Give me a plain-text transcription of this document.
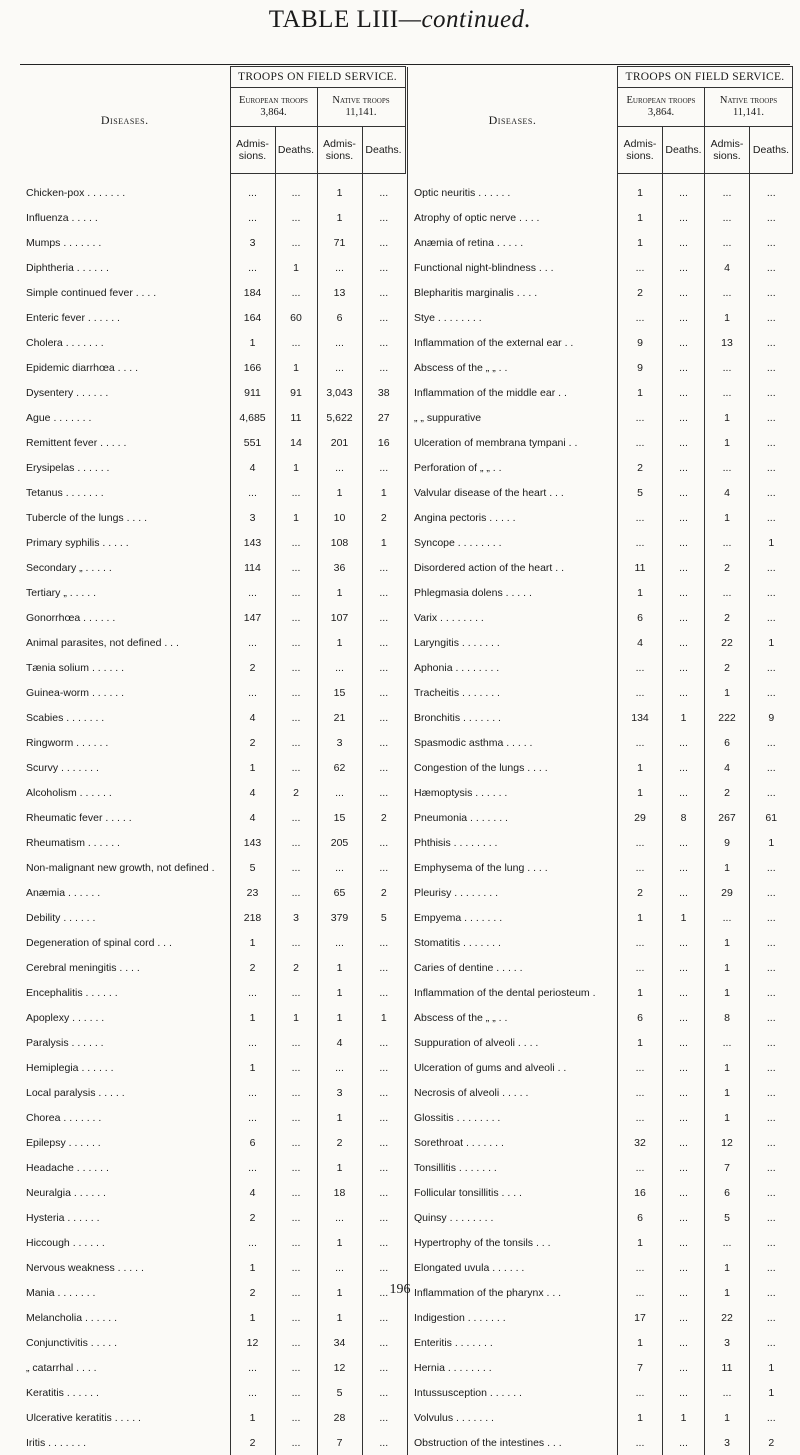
TABLE LIII—continued.
Diseases.	TROOPS ON FIELD SERVICE.			
	European troops 3,864.		Native troops 11,141.	
	Admis-sions.	Deaths.	Admis-sions.	Deaths.

Chicken-pox . . . . . . .	...	...	1	...
Influenza . . . . .	...	...	1	...
Mumps . . . . . . .	3	...	71	...
Diphtheria . . . . . .	...	1	...	...
Simple continued fever . . . .	184	...	13	...
Enteric fever . . . . . .	164	60	6	...
Cholera . . . . . . .	1	...	...	...
Epidemic diarrhœa . . . .	166	1	...	...
Dysentery . . . . . .	911	91	3,043	38
Ague . . . . . . .	4,685	11	5,622	27
Remittent fever . . . . .	551	14	201	16
Erysipelas . . . . . .	4	1	...	...
Tetanus . . . . . . .	...	...	1	1
Tubercle of the lungs . . . .	3	1	10	2
Primary syphilis . . . . .	143	...	108	1
Secondary „ . . . . .	114	...	36	...
Tertiary „ . . . . .	...	...	1	...
Gonorrhœa . . . . . .	147	...	107	...
Animal parasites, not defined . . .	...	...	1	...
Tænia solium . . . . . .	2	...	...	...
Guinea-worm . . . . . .	...	...	15	...
Scabies . . . . . . .	4	...	21	...
Ringworm . . . . . .	2	...	3	...
Scurvy . . . . . . .	1	...	62	...
Alcoholism . . . . . .	4	2	...	...
Rheumatic fever . . . . .	4	...	15	2
Rheumatism . . . . . .	143	...	205	...
Non-malignant new growth, not defined .	5	...	...	...
Anæmia . . . . . .	23	...	65	2
Debility . . . . . .	218	3	379	5
Degeneration of spinal cord . . .	1	...	...	...
Cerebral meningitis . . . .	2	2	1	...
Encephalitis . . . . . .	...	...	1	...
Apoplexy . . . . . .	1	1	1	1
Paralysis . . . . . .	...	...	4	...
Hemiplegia . . . . . .	1	...	...	...
Local paralysis . . . . .	...	...	3	...
Chorea . . . . . . .	...	...	1	...
Epilepsy . . . . . .	6	...	2	...
Headache . . . . . .	...	...	1	...
Neuralgia . . . . . .	4	...	18	...
Hysteria . . . . . .	2	...	...	...
Hiccough . . . . . .	...	...	1	...
Nervous weakness . . . . .	1	...	...	...
Mania . . . . . . .	2	...	1	...
Melancholia . . . . . .	1	...	1	...
Conjunctivitis . . . . .	12	...	34	...
„ catarrhal . . . .	...	...	12	...
Keratitis . . . . . .	...	...	5	...
Ulcerative keratitis . . . . .	1	...	28	...
Iritis . . . . . . .	2	...	7	...
Diseases.	TROOPS ON FIELD SERVICE.			
	European troops 3,864.		Native troops 11,141.	
	Admis-sions.	Deaths.	Admis-sions.	Deaths.

Optic neuritis . . . . . .	1	...	...	...
Atrophy of optic nerve . . . .	1	...	...	...
Anæmia of retina . . . . .	1	...	...	...
Functional night-blindness . . .	...	...	4	...
Blepharitis marginalis . . . .	2	...	...	...
Stye . . . . . . . .	...	...	1	...
Inflammation of the external ear . .	9	...	13	...
Abscess of the „ „ . .	9	...	...	...
Inflammation of the middle ear . .	1	...	...	...
„ „ suppurative	...	...	1	...
Ulceration of membrana tympani . .	...	...	1	...
Perforation of „ „ . .	2	...	...	...
Valvular disease of the heart . . .	5	...	4	...
Angina pectoris . . . . .	...	...	1	...
Syncope . . . . . . . .	...	...	...	1
Disordered action of the heart . .	11	...	2	...
Phlegmasia dolens . . . . .	1	...	...	...
Varix . . . . . . . .	6	...	2	...
Laryngitis . . . . . . .	4	...	22	1
Aphonia . . . . . . . .	...	...	2	...
Tracheitis . . . . . . .	...	...	1	...
Bronchitis . . . . . . .	134	1	222	9
Spasmodic asthma . . . . .	...	...	6	...
Congestion of the lungs . . . .	1	...	4	...
Hæmoptysis . . . . . .	1	...	2	...
Pneumonia . . . . . . .	29	8	267	61
Phthisis . . . . . . . .	...	...	9	1
Emphysema of the lung . . . .	...	...	1	...
Pleurisy . . . . . . . .	2	...	29	...
Empyema . . . . . . .	1	1	...	...
Stomatitis . . . . . . .	...	...	1	...
Caries of dentine . . . . .	...	...	1	...
Inflammation of the dental periosteum .	1	...	1	...
Abscess of the „ „ . .	6	...	8	...
Suppuration of alveoli . . . .	1	...	...	...
Ulceration of gums and alveoli . .	...	...	1	...
Necrosis of alveoli . . . . .	...	...	1	...
Glossitis . . . . . . . .	...	...	1	...
Sorethroat . . . . . . .	32	...	12	...
Tonsillitis . . . . . . .	...	...	7	...
Follicular tonsillitis . . . .	16	...	6	...
Quinsy . . . . . . . .	6	...	5	...
Hypertrophy of the tonsils . . .	1	...	...	...
Elongated uvula . . . . . .	...	...	1	...
Inflammation of the pharynx . . .	...	...	1	...
Indigestion . . . . . . .	17	...	22	...
Enteritis . . . . . . .	1	...	3	...
Hernia . . . . . . . .	7	...	11	1
Intussusception . . . . . .	...	...	...	1
Volvulus . . . . . . .	1	1	1	...
Obstruction of the intestines . . .	...	...	3	2
196
